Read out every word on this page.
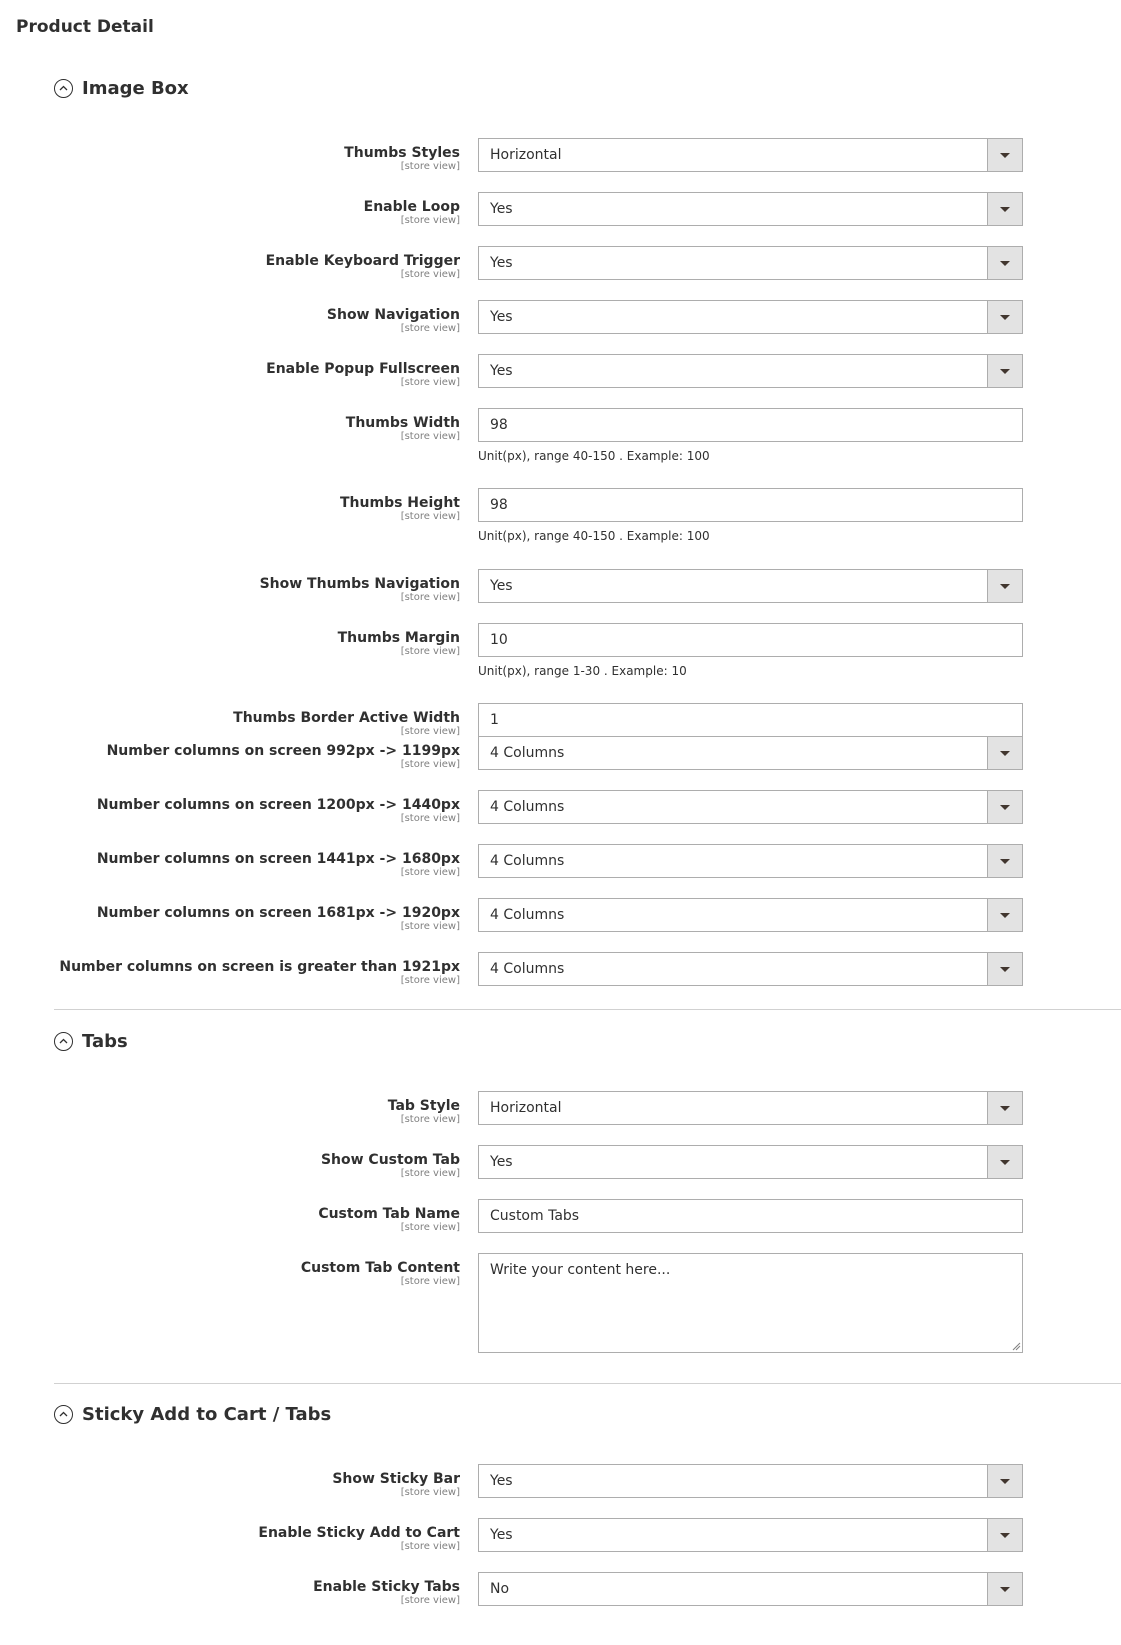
Product Detail
Image Box
Thumbs Styles
[store view]
Horizontal
Enable Loop
[store view]
Yes
Enable Keyboard Trigger
[store view]
Yes
Show Navigation
[store view]
Yes
Enable Popup Fullscreen
[store view]
Yes
Thumbs Width
[store view]
98
Unit(px), range 40-150 . Example: 100
Thumbs Height
[store view]
98
Unit(px), range 40-150 . Example: 100
Show Thumbs Navigation
[store view]
Yes
Thumbs Margin
[store view]
10
Unit(px), range 1-30 . Example: 10
Thumbs Border Active Width
[store view]
1
Number columns on screen 992px -> 1199px
[store view]
4 Columns
Number columns on screen 1200px -> 1440px
[store view]
4 Columns
Number columns on screen 1441px -> 1680px
[store view]
4 Columns
Number columns on screen 1681px -> 1920px
[store view]
4 Columns
Number columns on screen is greater than 1921px
[store view]
4 Columns
Tabs
Tab Style
[store view]
Horizontal
Show Custom Tab
[store view]
Yes
Custom Tab Name
[store view]
Custom Tabs
Custom Tab Content
[store view]
Write your content here...
Sticky Add to Cart / Tabs
Show Sticky Bar
[store view]
Yes
Enable Sticky Add to Cart
[store view]
Yes
Enable Sticky Tabs
[store view]
No
